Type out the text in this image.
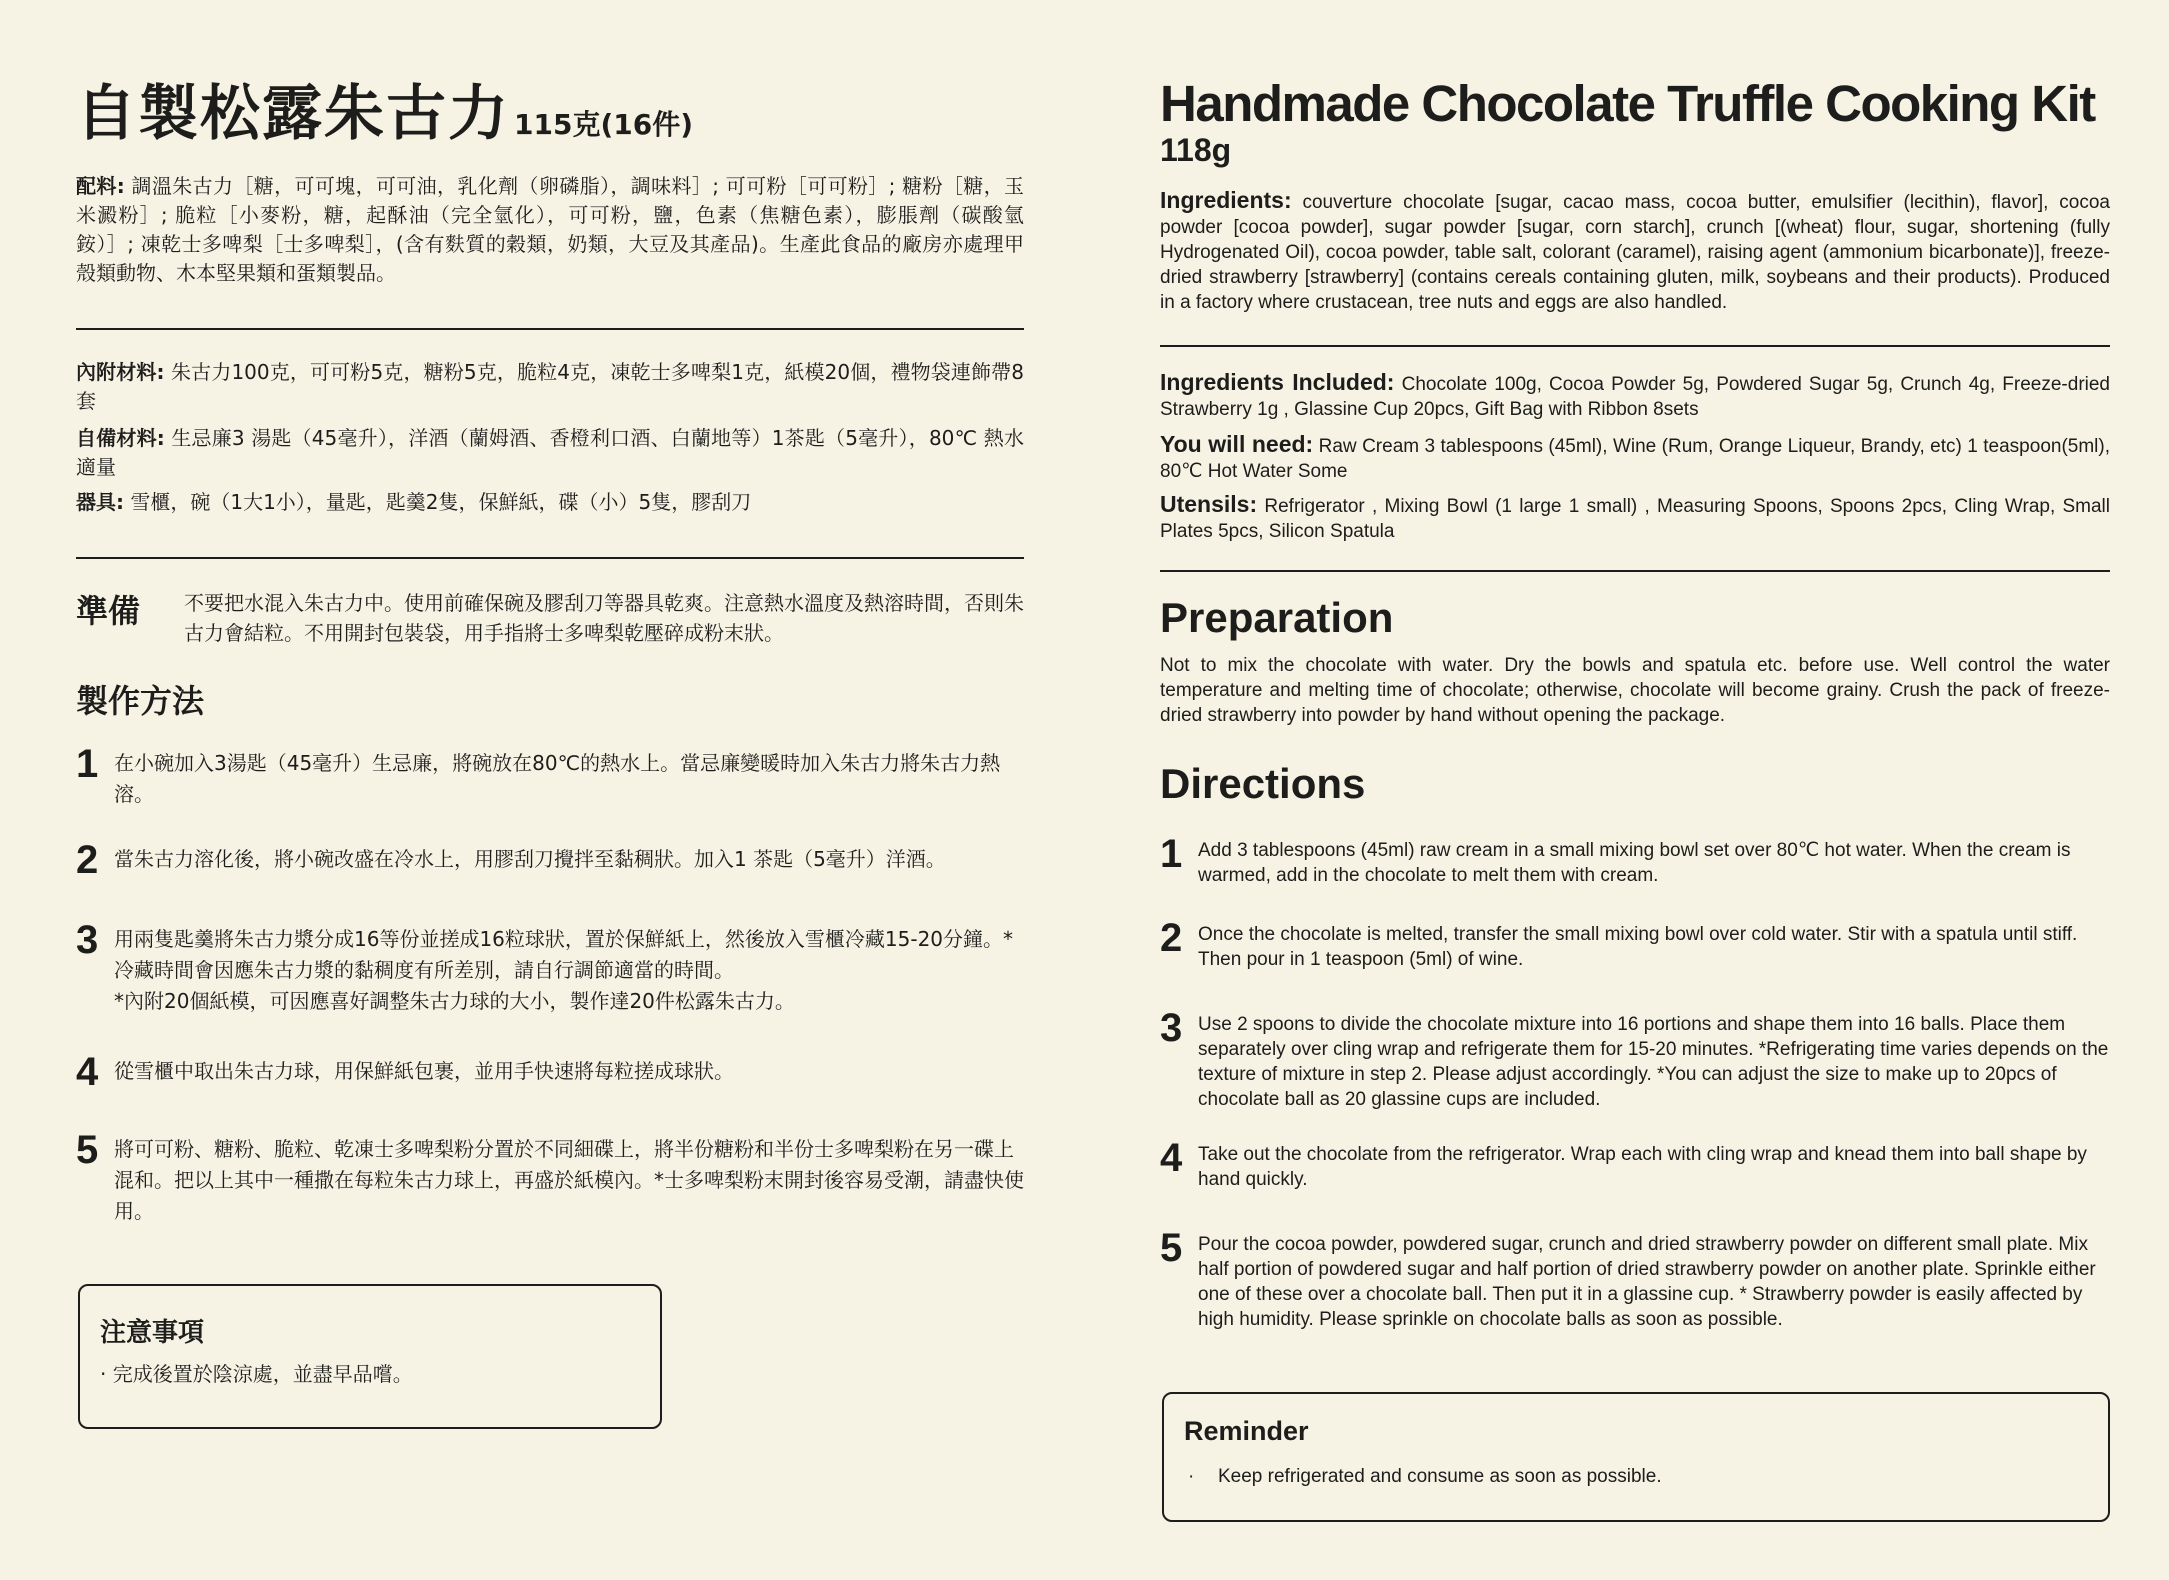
自製松露朱古力 115克(16件)
配料: 調溫朱古力［糖，可可塊，可可油，乳化劑（卵磷脂），調味料］; 可可粉［可可粉］; 糖粉［糖，玉米澱粉］; 脆粒［小麥粉，糖，起酥油（完全氫化），可可粉，鹽，色素（焦糖色素），膨脹劑（碳酸氫銨）］; 凍乾士多啤梨［士多啤梨］，(含有麩質的穀類，奶類，大豆及其產品)。生產此食品的廠房亦處理甲殼類動物、木本堅果類和蛋類製品。
內附材料: 朱古力100克，可可粉5克，糖粉5克，脆粒4克，凍乾士多啤梨1克，紙模20個，禮物袋連飾帶8套
自備材料: 生忌廉3 湯匙（45毫升），洋酒（蘭姆酒、香橙利口酒、白蘭地等）1茶匙（5毫升），80℃ 熱水 適量
器具: 雪櫃，碗（1大1小），量匙，匙羹2隻，保鮮紙，碟（小）5隻，膠刮刀
準備 不要把水混入朱古力中。使用前確保碗及膠刮刀等器具乾爽。注意熱水溫度及熱溶時間，否則朱古力會結粒。不用開封包裝袋，用手指將士多啤梨乾壓碎成粉末狀。
製作方法
1 在小碗加入3湯匙（45毫升）生忌廉，將碗放在80℃的熱水上。當忌廉變暖時加入朱古力將朱古力熱溶。
2 當朱古力溶化後，將小碗改盛在冷水上，用膠刮刀攪拌至黏稠狀。加入1 茶匙（5毫升）洋酒。
3 用兩隻匙羹將朱古力漿分成16等份並搓成16粒球狀，置於保鮮紙上，然後放入雪櫃冷藏15-20分鐘。*冷藏時間會因應朱古力漿的黏稠度有所差別，請自行調節適當的時間。
*內附20個紙模，可因應喜好調整朱古力球的大小，製作達20件松露朱古力。
4 從雪櫃中取出朱古力球，用保鮮紙包裹，並用手快速將每粒搓成球狀。
5 將可可粉、糖粉、脆粒、乾凍士多啤梨粉分置於不同細碟上，將半份糖粉和半份士多啤梨粉在另一碟上混和。把以上其中一種撒在每粒朱古力球上，再盛於紙模內。*士多啤梨粉末開封後容易受潮，請盡快使用。
注意事項
· 完成後置於陰涼處，並盡早品嚐。
Handmade Chocolate Truffle Cooking Kit
118g
Ingredients: couverture chocolate [sugar, cacao mass, cocoa butter, emulsifier (lecithin), flavor], cocoa powder [cocoa powder], sugar powder [sugar, corn starch], crunch [(wheat) flour, sugar, shortening (fully Hydrogenated Oil), cocoa powder, table salt, colorant (caramel), raising agent (ammonium bicarbonate)], freeze-dried strawberry [strawberry] (contains cereals containing gluten, milk, soybeans and their products). Produced in a factory where crustacean, tree nuts and eggs are also handled.
Ingredients Included: Chocolate 100g, Cocoa Powder 5g, Powdered Sugar 5g, Crunch 4g, Freeze-dried Strawberry 1g , Glassine Cup 20pcs, Gift Bag with Ribbon 8sets
You will need: Raw Cream 3 tablespoons (45ml), Wine (Rum, Orange Liqueur, Brandy, etc) 1 teaspoon(5ml), 80℃ Hot Water Some
Utensils: Refrigerator , Mixing Bowl (1 large 1 small) , Measuring Spoons, Spoons 2pcs, Cling Wrap, Small Plates 5pcs, Silicon Spatula
Preparation
Not to mix the chocolate with water. Dry the bowls and spatula etc. before use. Well control the water temperature and melting time of chocolate; otherwise, chocolate will become grainy. Crush the pack of freeze-dried strawberry into powder by hand without opening the package.
Directions
1 Add 3 tablespoons (45ml) raw cream in a small mixing bowl set over 80℃ hot water. When the cream is warmed, add in the chocolate to melt them with cream.
2 Once the chocolate is melted, transfer the small mixing bowl over cold water. Stir with a spatula until stiff. Then pour in 1 teaspoon (5ml) of wine.
3 Use 2 spoons to divide the chocolate mixture into 16 portions and shape them into 16 balls. Place them separately over cling wrap and refrigerate them for 15-20 minutes. *Refrigerating time varies depends on the texture of mixture in step 2. Please adjust accordingly. *You can adjust the size to make up to 20pcs of chocolate ball as 20 glassine cups are included.
4 Take out the chocolate from the refrigerator. Wrap each with cling wrap and knead them into ball shape by hand quickly.
5 Pour the cocoa powder, powdered sugar, crunch and dried strawberry powder on different small plate. Mix half portion of powdered sugar and half portion of dried strawberry powder on another plate. Sprinkle either one of these over a chocolate ball. Then put it in a glassine cup. * Strawberry powder is easily affected by high humidity. Please sprinkle on chocolate balls as soon as possible.
Reminder
· Keep refrigerated and consume as soon as possible.
